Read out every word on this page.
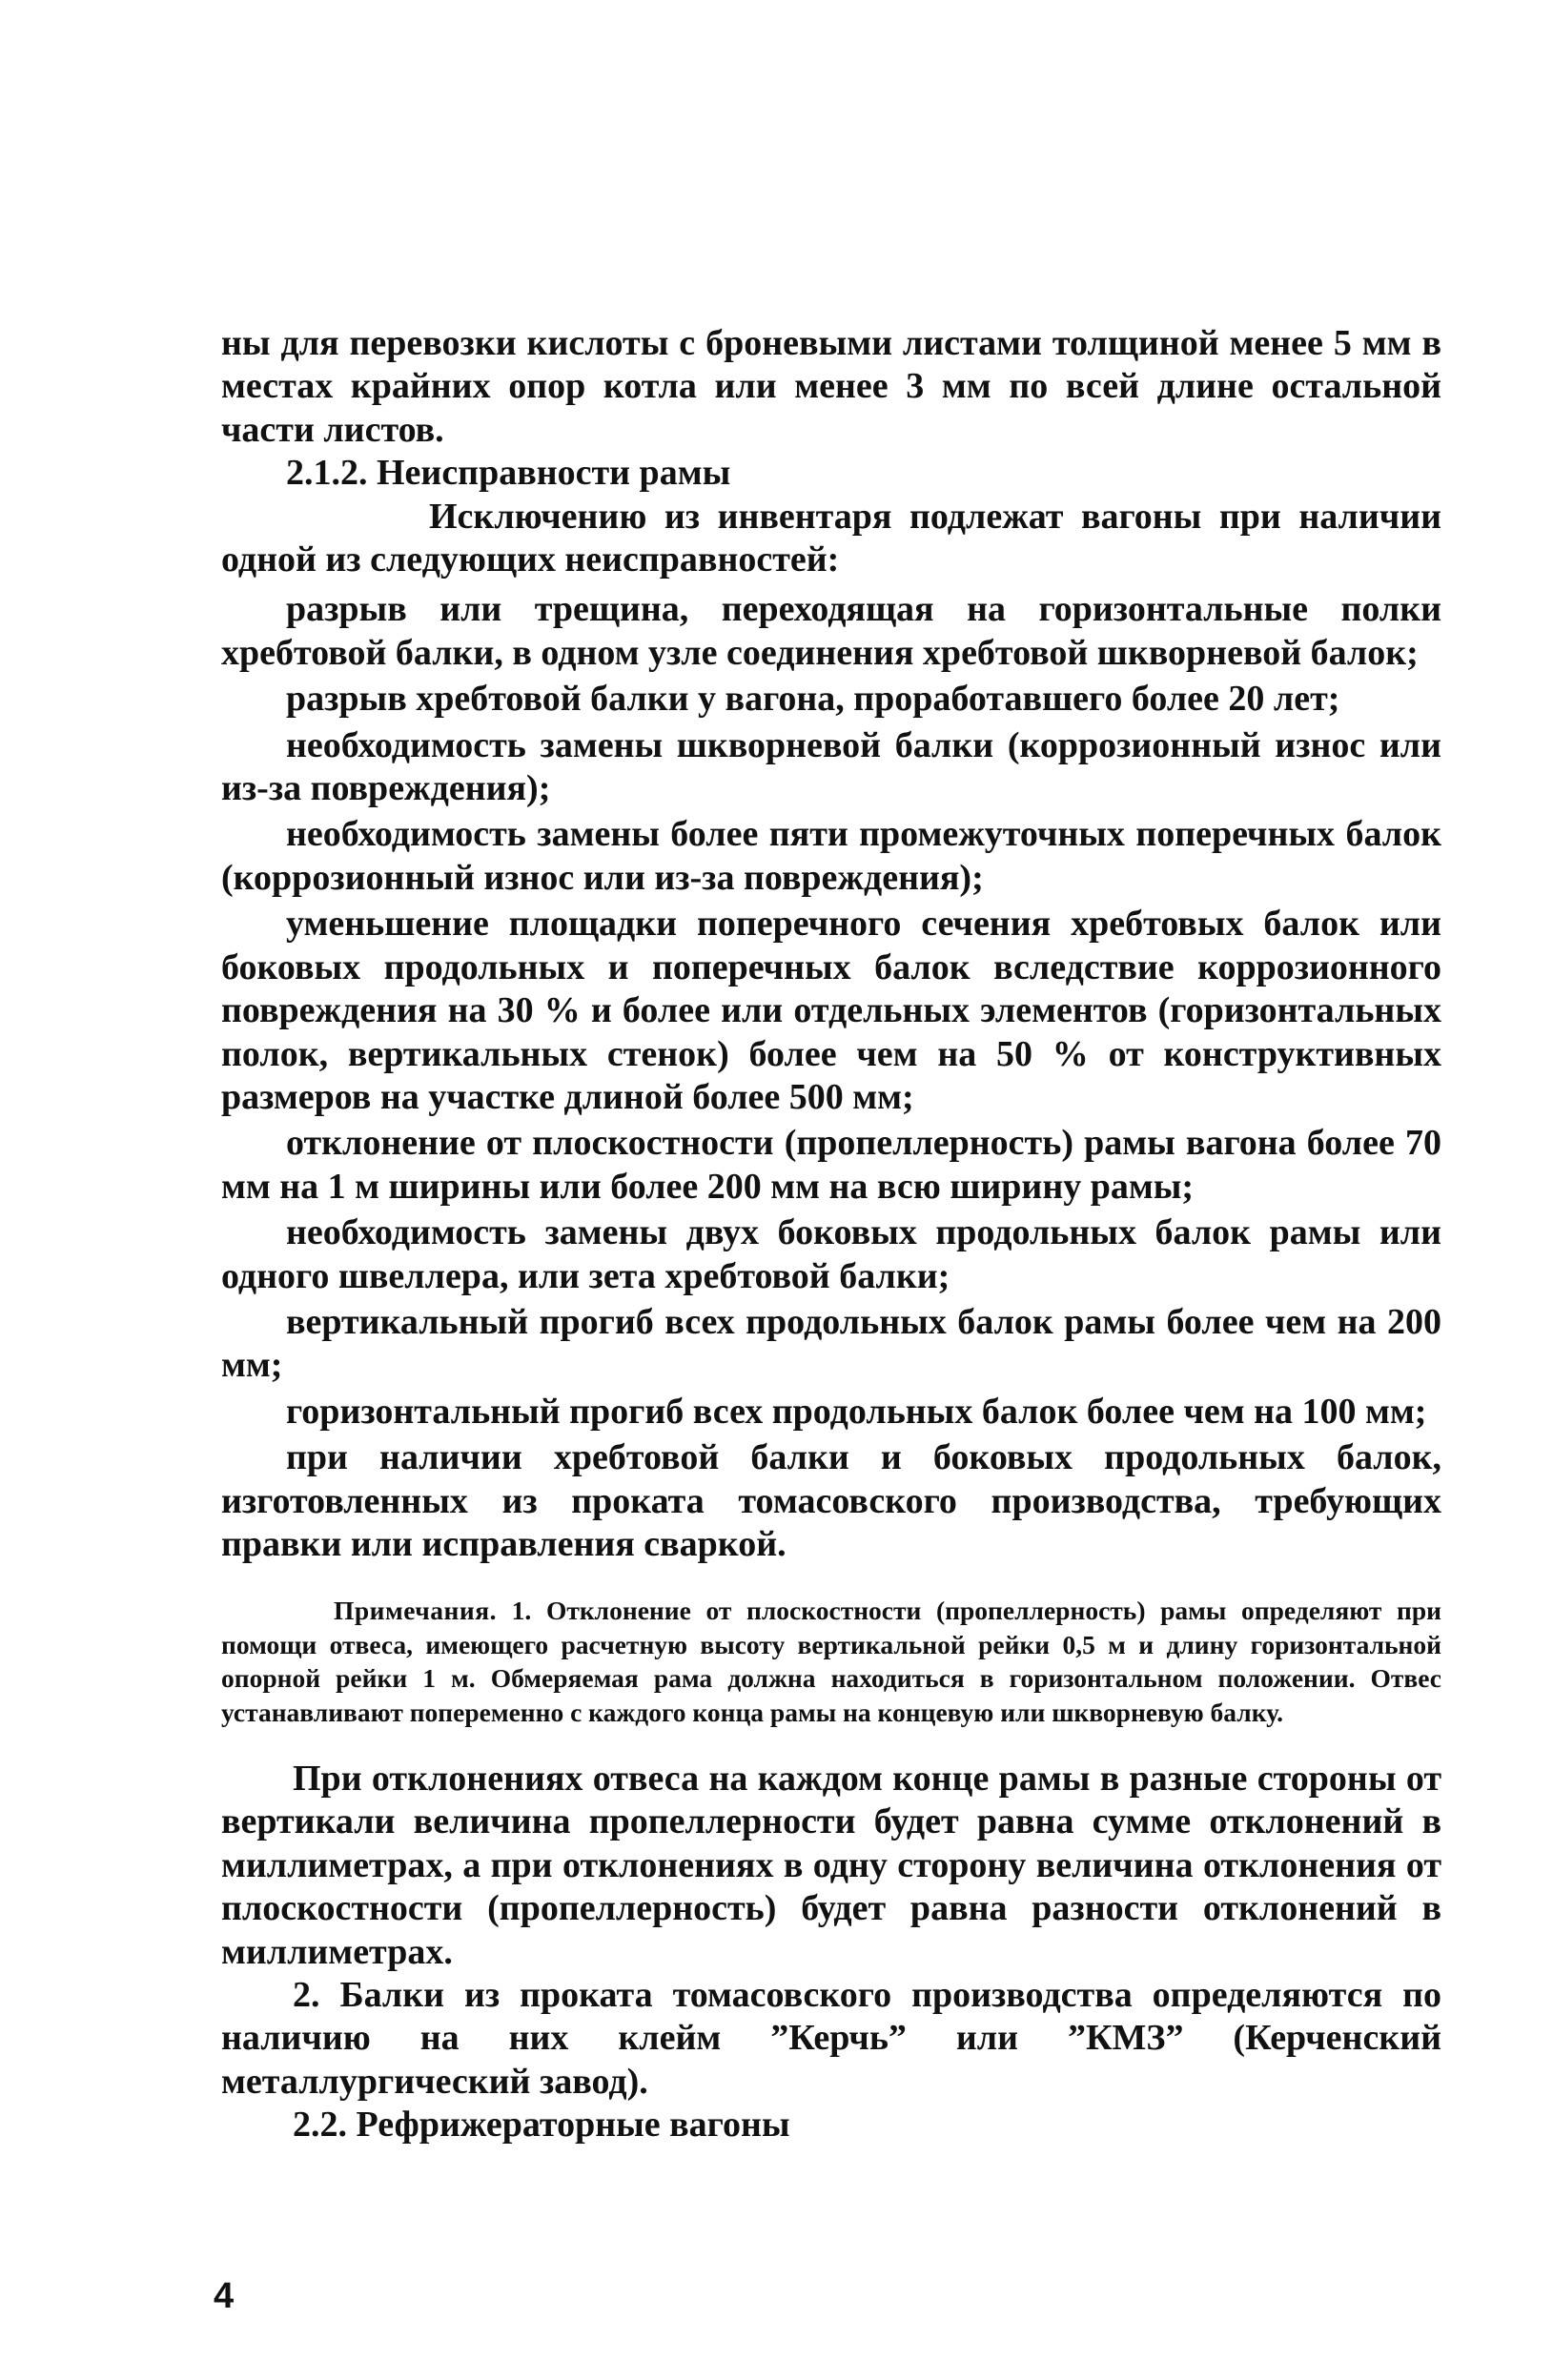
ны для перевозки кислоты с броневыми листами толщиной менее 5 мм в местах крайних опор котла или менее 3 мм по всей длине остальной части листов.

2.1.2. Неисправности рамы

Исключению из инвентаря подлежат вагоны при наличии одной из следующих неисправностей:

разрыв или трещина, переходящая на горизонтальные полки хребтовой балки, в одном узле соединения хребтовой шкворневой балок;

разрыв хребтовой балки у вагона, проработавшего более 20 лет;

необходимость замены шкворневой балки (коррозионный износ или из-за повреждения);

необходимость замены более пяти промежуточных поперечных балок (коррозионный износ или из-за повреждения);

уменьшение площадки поперечного сечения хребтовых балок или боковых продольных и поперечных балок вследствие коррозионного повреждения на 30 % и более или отдельных элементов (горизонтальных полок, вертикальных стенок) более чем на 50 % от конструктивных размеров на участке длиной более 500 мм;

отклонение от плоскостности (пропеллерность) рамы вагона более 70 мм на 1 м ширины или более 200 мм на всю ширину рамы;

необходимость замены двух боковых продольных балок рамы или одного швеллера, или зета хребтовой балки;

вертикальный прогиб всех продольных балок рамы более чем на 200 мм;

горизонтальный прогиб всех продольных балок более чем на 100 мм;

при наличии хребтовой балки и боковых продольных балок, изготовленных из проката томасовского производства, требующих правки или исправления сваркой.

Примечания. 1. Отклонение от плоскостности (пропеллерность) рамы определяют при помощи отвеса, имеющего расчетную высоту вертикальной рейки 0,5 м и длину горизонтальной опорной рейки 1 м. Обмеряемая рама должна находиться в горизонтальном положении. Отвес устанавливают попеременно с каждого конца рамы на концевую или шкворневую балку.

При отклонениях отвеса на каждом конце рамы в разные стороны от вертикали величина пропеллерности будет равна сумме отклонений в миллиметрах, а при отклонениях в одну сторону величина отклонения от плоскостности (пропеллерность) будет равна разности отклонений в миллиметрах.

2. Балки из проката томасовского производства определяются по наличию на них клейм ”Керчь” или ”КМЗ” (Керченский металлургический завод).

2.2. Рефрижераторные вагоны

4
